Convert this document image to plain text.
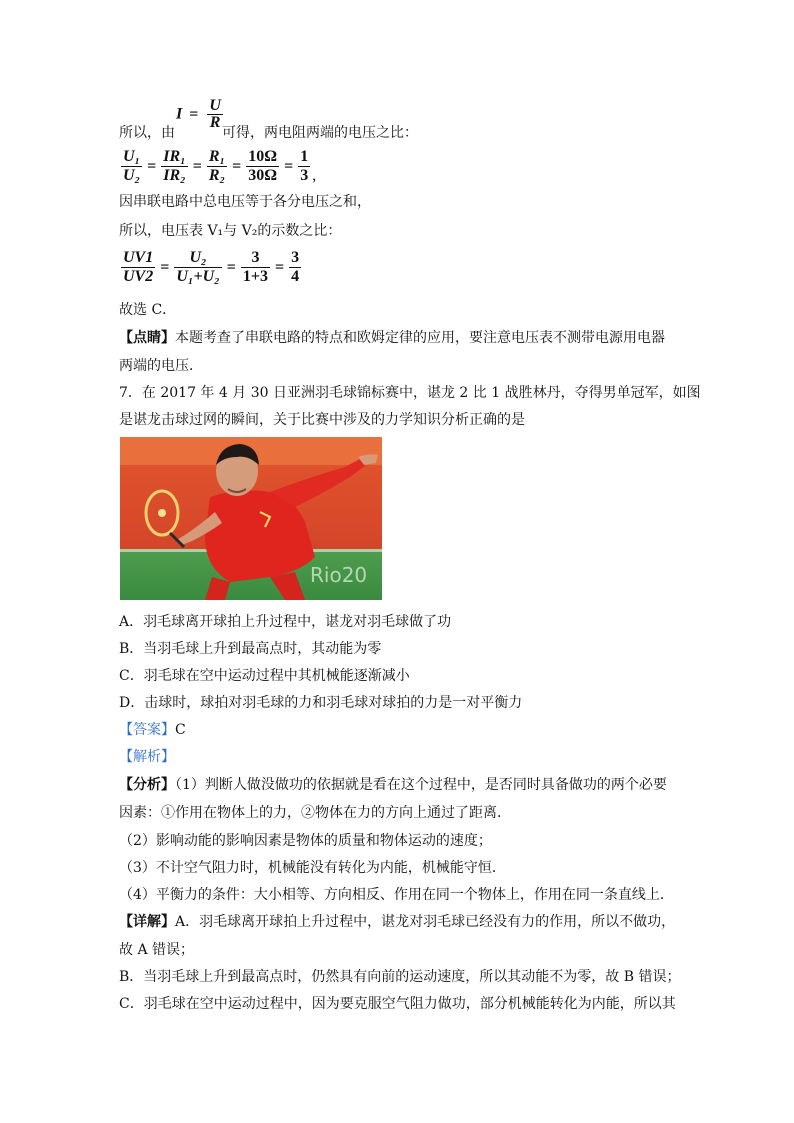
$I = \frac{U}{R}$
所以，由	可得，两电阻两端的电压之比：
$\frac{\text{U₁}}{\text{U₂}} = \frac{\text{IR₁}}{\text{IR₂}} = \frac{\text{R₁}}{\text{R₂}} = \frac{10\Omega}{30\Omega} = \frac{1}{3}$ ,
因串联电路中总电压等于各分电压之和，
所以，电压表 V₁与 V₂的示数之比：
$\frac{UV1}{UV2} = \frac{\text{U₂}}{\text{U₁+U₂}} = \frac{3}{1+3} = \frac{3}{4}$
故选 C．
【点睛】本题考查了串联电路的特点和欧姆定律的应用，要注意电压表不测带电源用电器
两端的电压．
7．在 2017 年 4 月 30 日亚洲羽毛球锦标赛中，谌龙 2 比 1 战胜林丹，夺得男单冠军，如图
是谌龙击球过网的瞬间，关于比赛中涉及的力学知识分析正确的是
Rio20
A．羽毛球离开球拍上升过程中，谌龙对羽毛球做了功
B．当羽毛球上升到最高点时，其动能为零
C．羽毛球在空中运动过程中其机械能逐渐减小
D．击球时，球拍对羽毛球的力和羽毛球对球拍的力是一对平衡力
【答案】C
【解析】
【分析】（1）判断人做没做功的依据就是看在这个过程中，是否同时具备做功的两个必要
因素：①作用在物体上的力，②物体在力的方向上通过了距离．
（2）影响动能的影响因素是物体的质量和物体运动的速度；
（3）不计空气阻力时，机械能没有转化为内能，机械能守恒．
（4）平衡力的条件：大小相等、方向相反、作用在同一个物体上，作用在同一条直线上．
【详解】A．羽毛球离开球拍上升过程中，谌龙对羽毛球已经没有力的作用，所以不做功，
故 A 错误；
B．当羽毛球上升到最高点时，仍然具有向前的运动速度，所以其动能不为零，故 B 错误；
C．羽毛球在空中运动过程中，因为要克服空气阻力做功，部分机械能转化为内能，所以其
